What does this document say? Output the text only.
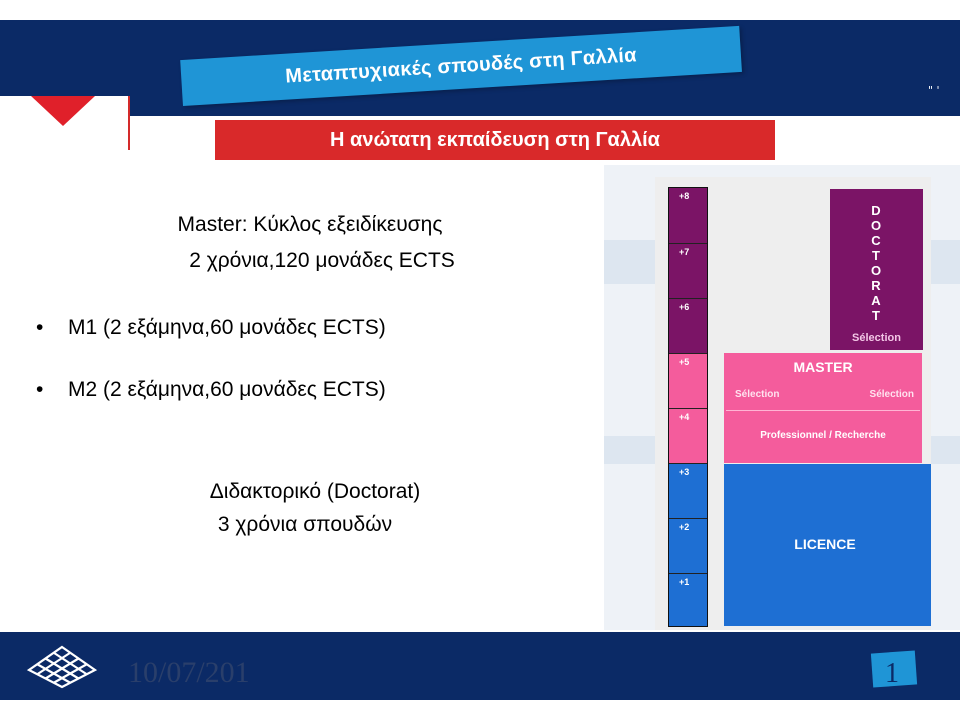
" '
Μεταπτυχιακές σπουδές στη Γαλλία
Η ανώτατη εκπαίδευση στη Γαλλία
Master: Κύκλος εξειδίκευσης
2 χρόνια,120 μονάδες ECTS
• M1 (2 εξάμηνα,60 μονάδες ECTS)
• M2 (2 εξάμηνα,60 μονάδες ECTS)
Διδακτορικό (Doctorat)
3 χρόνια σπουδών
+8
+7
+6
+5
+4
+3
+2
+1
D
O
C
T
O
R
A
T
Sélection
MASTER
Sélection	Sélection
Professionnel / Recherche
LICENCE
10/07/201	1
